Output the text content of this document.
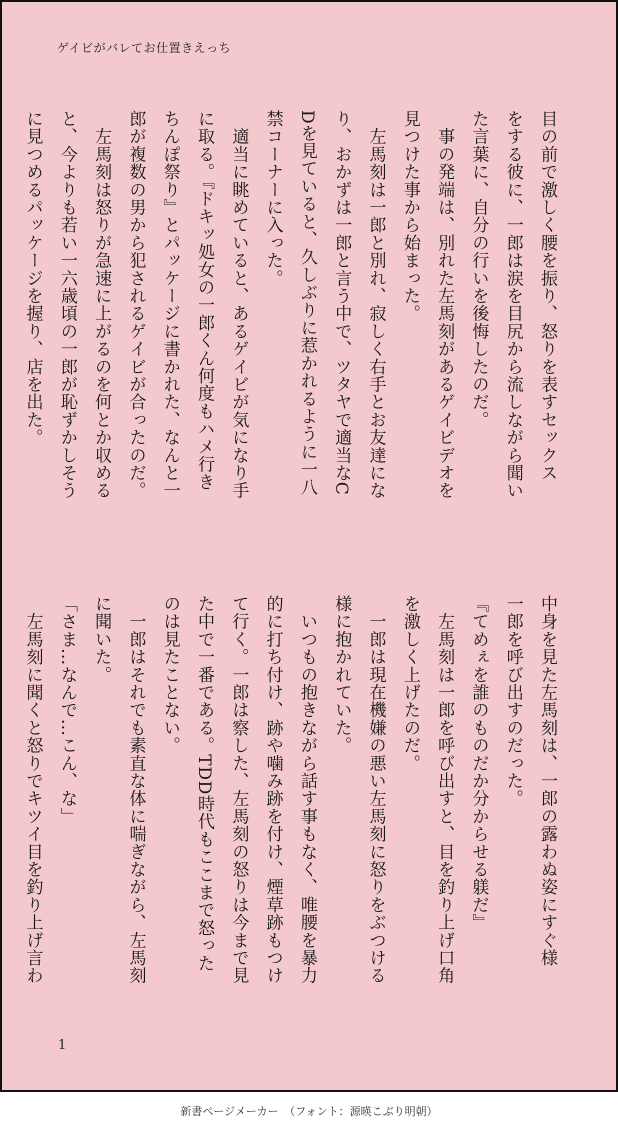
ゲイビがバレてお仕置きえっち
目の前で激しく腰を振り、怒りを表すセックス
をする彼に、一郎は涙を目尻から流しながら聞い
た言葉に、自分の行いを後悔したのだ。
　事の発端は、別れた左馬刻があるゲイビデオを
見つけた事から始まった。
　左馬刻は一郎と別れ、寂しく右手とお友達にな
り、おかずは一郎と言う中で、ツタヤで適当なC
Dを見ていると、久しぶりに惹かれるように一八
禁コーナーに入った。
　適当に眺めていると、あるゲイビが気になり手
に取る。『ドキッ処女の一郎くん何度もハメ行き
ちんぽ祭り』とパッケージに書かれた、なんと一
郎が複数の男から犯されるゲイビが合ったのだ。
　左馬刻は怒りが急速に上がるのを何とか収める
と、今よりも若い一六歳頃の一郎が恥ずかしそう
に見つめるパッケージを握り、店を出た。
中身を見た左馬刻は、一郎の露わぬ姿にすぐ様
一郎を呼び出すのだった。
『てめぇを誰のものだか分からせる躾だ』
　左馬刻は一郎を呼び出すと、目を釣り上げ口角
を激しく上げたのだ。
　一郎は現在機嫌の悪い左馬刻に怒りをぶつける
様に抱かれていた。
　いつもの抱きながら話す事もなく、唯腰を暴力
的に打ち付け、跡や噛み跡を付け、煙草跡もつけ
て行く。一郎は察した、左馬刻の怒りは今まで見
た中で一番である。TDD時代もここまで怒った
のは見たことない。
　一郎はそれでも素直な体に喘ぎながら、左馬刻
に聞いた。
「さま…なんで…こん、な」
　左馬刻に聞くと怒りでキツイ目を釣り上げ言わ
1
新書ページメーカー　（フォント：源暎こぶり明朝）
